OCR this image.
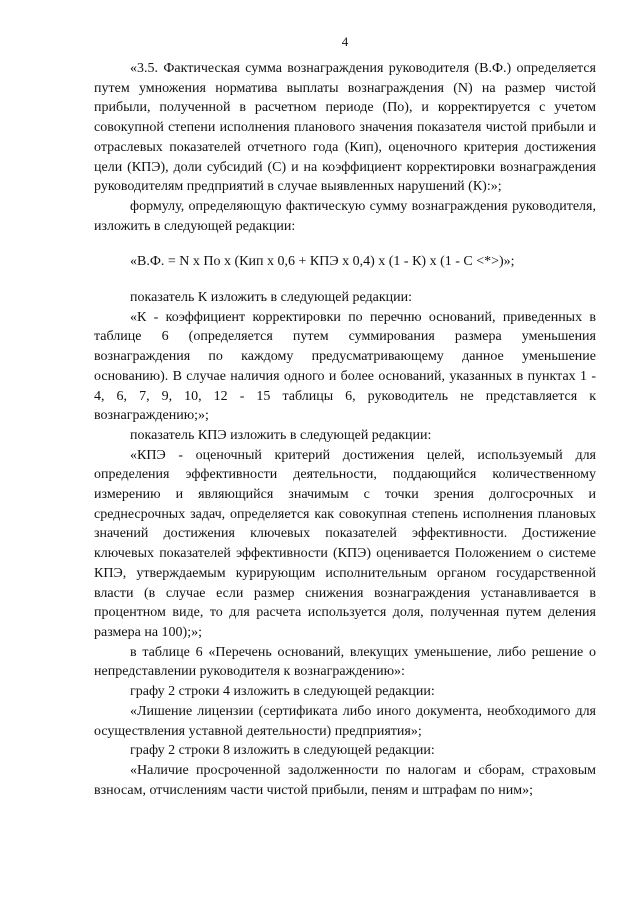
4

«3.5. Фактическая сумма вознаграждения руководителя (В.Ф.) определяется путем умножения норматива выплаты вознаграждения (N) на размер чистой прибыли, полученной в расчетном периоде (По), и корректируется с учетом совокупной степени исполнения планового значения показателя чистой прибыли и отраслевых показателей отчетного года (Кип), оценочного критерия достижения цели (КПЭ), доли субсидий (С) и на коэффициент корректировки вознаграждения руководителям предприятий в случае выявленных нарушений (К):»;

формулу, определяющую фактическую сумму вознаграждения руководителя, изложить в следующей редакции:

«В.Ф. = N x По x (Кип x 0,6 + КПЭ x 0,4) x (1 - К) x (1 - С <*>)»;

показатель К изложить в следующей редакции:

«К - коэффициент корректировки по перечню оснований, приведенных в таблице 6 (определяется путем суммирования размера уменьшения вознаграждения по каждому предусматривающему данное уменьшение основанию). В случае наличия одного и более оснований, указанных в пунктах 1 - 4, 6, 7, 9, 10, 12 - 15 таблицы 6, руководитель не представляется к вознаграждению;»;

показатель КПЭ изложить в следующей редакции:

«КПЭ - оценочный критерий достижения целей, используемый для определения эффективности деятельности, поддающийся количественному измерению и являющийся значимым с точки зрения долгосрочных и среднесрочных задач, определяется как совокупная степень исполнения плановых значений достижения ключевых показателей эффективности. Достижение ключевых показателей эффективности (КПЭ) оценивается Положением о системе КПЭ, утверждаемым курирующим исполнительным органом государственной власти (в случае если размер снижения вознаграждения устанавливается в процентном виде, то для расчета используется доля, полученная путем деления размера на 100);»;

в таблице 6 «Перечень оснований, влекущих уменьшение, либо решение о непредставлении руководителя к вознаграждению»:

графу 2 строки 4 изложить в следующей редакции:

«Лишение лицензии (сертификата либо иного документа, необходимого для осуществления уставной деятельности) предприятия»;

графу 2 строки 8 изложить в следующей редакции:

«Наличие просроченной задолженности по налогам и сборам, страховым взносам, отчислениям части чистой прибыли, пеням и штрафам по ним»;
